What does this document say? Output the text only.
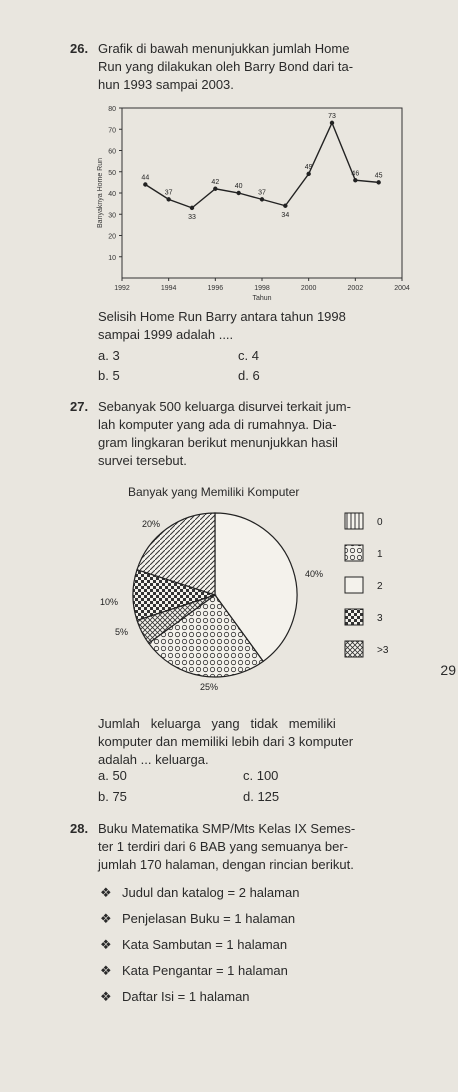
26. Grafik di bawah menunjukkan jumlah Home
Run yang dilakukan oleh Barry Bond dari ta-
hun 1993 sampai 2003.
10
20
30
40
50
60
70
80
1992	1994	1996	1998	2000	2002	2004
Tahun
Banyaknya Home Run	44
37
33
42
40
37
34
49
73
46 45
Selisih Home Run Barry antara tahun 1998
sampai 1999 adalah ....
a. 3	c. 4
b. 5	d. 6
27. Sebanyak 500 keluarga disurvei terkait jum-
lah komputer yang ada di rumahnya. Dia-
gram lingkaran berikut menunjukkan hasil
survei tersebut.
Banyak yang Memiliki Komputer
20%
25%
40%
10%
5%
0
1
2
3
>3
Jumlah   keluarga   yang   tidak   memiliki
komputer dan memiliki lebih dari 3 komputer
adalah ... keluarga.
a. 50	c. 100
b. 75	d. 125
29
28. Buku Matematika SMP/Mts Kelas IX Semes-
ter 1 terdiri dari 6 BAB yang semuanya ber-
jumlah 170 halaman, dengan rincian berikut.
❖ Judul dan katalog = 2 halaman
❖ Penjelasan Buku = 1 halaman
❖ Kata Sambutan = 1 halaman
❖ Kata Pengantar = 1 halaman
❖ Daftar Isi = 1 halaman
